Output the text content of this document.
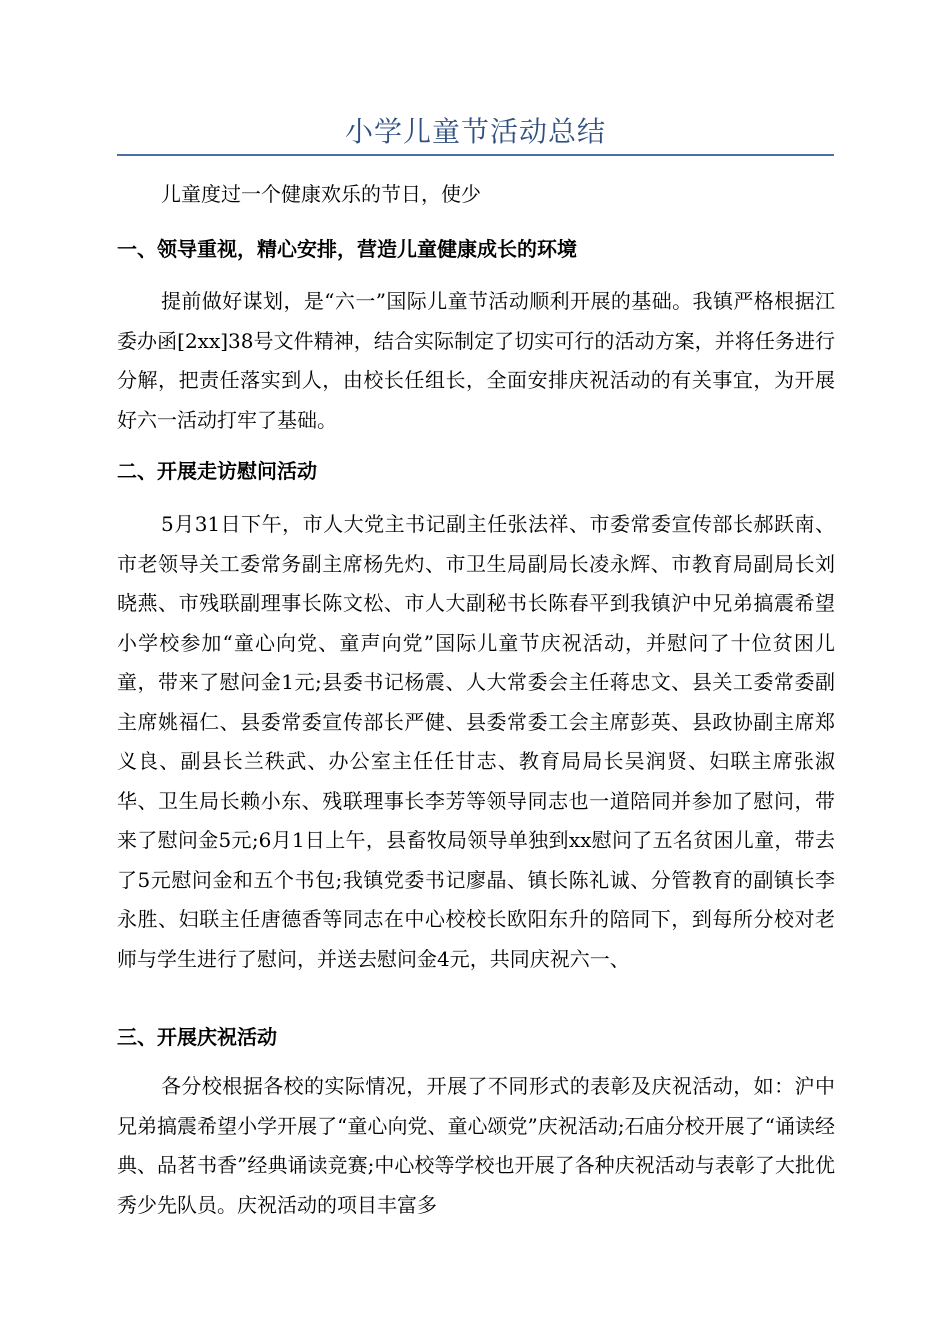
小学儿童节活动总结

儿童度过一个健康欢乐的节日，使少

一、领导重视，精心安排，营造儿童健康成长的环境

提前做好谋划，是“六一”国际儿童节活动顺利开展的基础。我镇严格根据江委办函[2xx]38号文件精神，结合实际制定了切实可行的活动方案，并将任务进行分解，把责任落实到人，由校长任组长，全面安排庆祝活动的有关事宜，为开展好六一活动打牢了基础。

二、开展走访慰问活动

5月31日下午，市人大党主书记副主任张法祥、市委常委宣传部长郝跃南、市老领导关工委常务副主席杨先灼、市卫生局副局长凌永辉、市教育局副局长刘晓燕、市残联副理事长陈文松、市人大副秘书长陈春平到我镇沪中兄弟搞震希望小学校参加“童心向党、童声向党”国际儿童节庆祝活动，并慰问了十位贫困儿童，带来了慰问金1元;县委书记杨震、人大常委会主任蒋忠文、县关工委常委副主席姚福仁、县委常委宣传部长严健、县委常委工会主席彭英、县政协副主席郑义良、副县长兰秩武、办公室主任任甘志、教育局局长吴润贤、妇联主席张淑华、卫生局长赖小东、残联理事长李芳等领导同志也一道陪同并参加了慰问，带来了慰问金5元;6月1日上午，县畜牧局领导单独到xx慰问了五名贫困儿童，带去了5元慰问金和五个书包;我镇党委书记廖晶、镇长陈礼诚、分管教育的副镇长李永胜、妇联主任唐德香等同志在中心校校长欧阳东升的陪同下，到每所分校对老师与学生进行了慰问，并送去慰问金4元，共同庆祝六一、

三、开展庆祝活动

各分校根据各校的实际情况，开展了不同形式的表彰及庆祝活动，如：沪中兄弟搞震希望小学开展了“童心向党、童心颂党”庆祝活动;石庙分校开展了“诵读经典、品茗书香”经典诵读竞赛;中心校等学校也开展了各种庆祝活动与表彰了大批优秀少先队员。庆祝活动的项目丰富多
